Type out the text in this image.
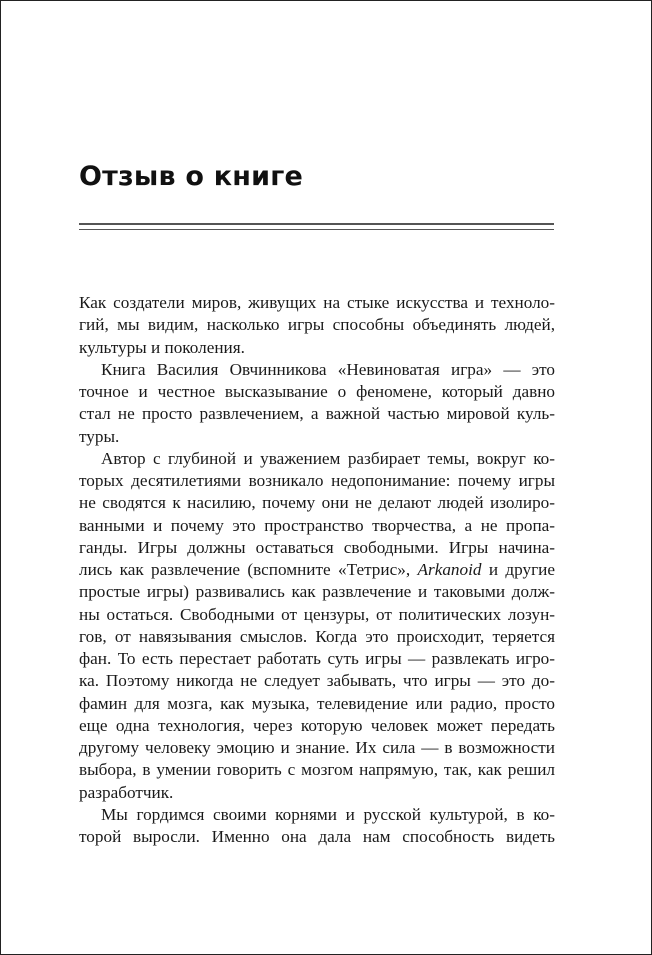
Отзыв о книге

Как создатели миров, живущих на стыке искусства и техноло-
гий, мы видим, насколько игры способны объединять людей,
культуры и поколения.

Книга Василия Овчинникова «Невиноватая игра» — это
точное и честное высказывание о феномене, который давно
стал не просто развлечением, а важной частью мировой куль-
туры.

Автор с глубиной и уважением разбирает темы, вокруг ко-
торых десятилетиями возникало недопонимание: почему игры
не сводятся к насилию, почему они не делают людей изолиро-
ванными и почему это пространство творчества, а не пропа-
ганды. Игры должны оставаться свободными. Игры начина-
лись как развлечение (вспомните «Тетрис», Arkanoid и другие
простые игры) развивались как развлечение и таковыми долж-
ны остаться. Свободными от цензуры, от политических лозун-
гов, от навязывания смыслов. Когда это происходит, теряется
фан. То есть перестает работать суть игры — развлекать игро-
ка. Поэтому никогда не следует забывать, что игры — это до-
фамин для мозга, как музыка, телевидение или радио, просто
еще одна технология, через которую человек может передать
другому человеку эмоцию и знание. Их сила — в возможности
выбора, в умении говорить с мозгом напрямую, так, как решил
разработчик.

Мы гордимся своими корнями и русской культурой, в ко-
торой выросли. Именно она дала нам способность видеть
